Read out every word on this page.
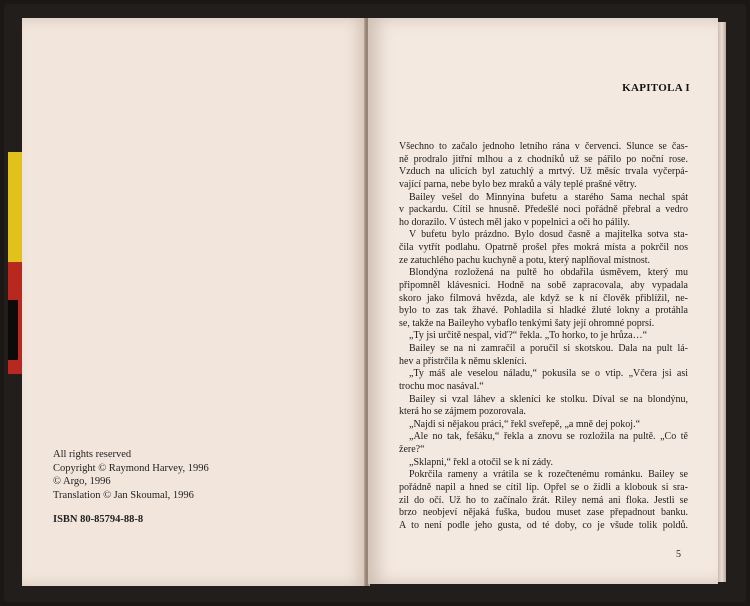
All rights reserved
Copyright © Raymond Harvey, 1996
© Argo, 1996
Translation © Jan Skoumal, 1996
ISBN 80-85794-88-8
KAPITOLA I
Všechno to začalo jednoho letního rána v červenci. Slunce se čas-
ně prodralo jitřní mlhou a z chodníků už se pářilo po noční rose.
Vzduch na ulicích byl zatuchlý a mrtvý. Už měsíc trvala vyčerpá-
vající parna, nebe bylo bez mraků a vály teplé prašné větry.
Bailey vešel do Minnyina bufetu a starého Sama nechal spát
v packardu. Cítil se hnusně. Předešlé noci pořádně přebral a vedro
ho dorazilo. V ústech měl jako v popelnici a oči ho pálily.
V bufetu bylo prázdno. Bylo dosud časně a majitelka sotva sta-
čila vytřít podlahu. Opatrně prošel přes mokrá místa a pokrčil nos
ze zatuchlého pachu kuchyně a potu, který naplňoval místnost.
Blondýna rozložená na pultě ho obdařila úsměvem, který mu
připomněl klávesnici. Hodně na sobě zapracovala, aby vypadala
skoro jako filmová hvězda, ale když se k ní člověk přiblížil, ne-
bylo to zas tak žhavé. Pohladila si hladké žluté lokny a protáhla
se, takže na Baileyho vybaflo tenkými šaty její ohromné poprsí.
„Ty jsi určitě nespal, viď?“ řekla. „To horko, to je hrůza…“
Bailey se na ni zamračil a poručil si skotskou. Dala na pult lá-
hev a přistrčila k němu skleníci.
„Ty máš ale veselou náladu,“ pokusila se o vtip. „Včera jsi asi
trochu moc nasával.“
Bailey si vzal láhev a skleníci ke stolku. Díval se na blondýnu,
která ho se zájmem pozorovala.
„Najdi si nějakou práci,“ řekl sveřepě, „a mně dej pokoj.“
„Ale no tak, fešáku,“ řekla a znovu se rozložila na pultě. „Co tě
žere?“
„Sklapni,“ řekl a otočil se k ní zády.
Pokrčila rameny a vrátila se k rozečtenému románku. Bailey se
pořádně napil a hned se cítil líp. Opřel se o židli a klobouk si sra-
zil do očí. Už ho to začínalo žrát. Riley nemá ani floka. Jestli se
brzo neobjeví nějaká fuška, budou muset zase přepadnout banku.
A to není podle jeho gusta, od té doby, co je všude tolik poldů.
5
